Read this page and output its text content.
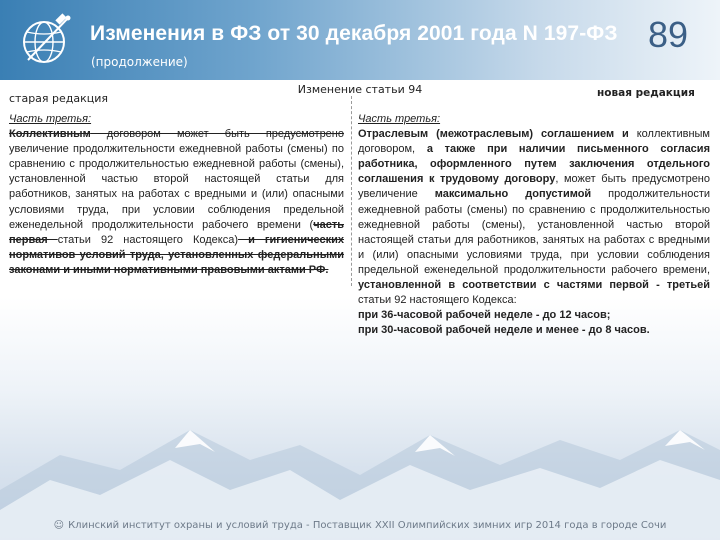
Изменения в ФЗ от 30 декабря 2001 года N 197-ФЗ
(продолжение)
89
Изменение статьи 94
старая редакция	новая редакция

Часть третья:

Коллективным договором может быть предусмотрено увеличение продолжительности ежедневной работы (смены) по сравнению с продолжительностью ежедневной работы (смены), установленной частью второй настоящей статьи для работников, занятых на работах с вредными и (или) опасными условиями труда, при условии соблюдения предельной еженедельной продолжительности рабочего времени (часть первая статьи 92 настоящего Кодекса) и гигиенических нормативов условий труда, установленных федеральными законами и иными нормативными правовыми актами РФ.

Часть третья:

Отраслевым (межотраслевым) соглашением и коллективным договором, а также при наличии письменного согласия работника, оформленного путем заключения отдельного соглашения к трудовому договору, может быть предусмотрено увеличение максимально допустимой продолжительности ежедневной работы (смены) по сравнению с продолжительностью ежедневной работы (смены), установленной частью второй настоящей статьи для работников, занятых на работах с вредными и (или) опасными условиями труда, при условии соблюдения предельной еженедельной продолжительности рабочего времени, установленной в соответствии с частями первой - третьей статьи 92 настоящего Кодекса:

при 36-часовой рабочей неделе - до 12 часов;

при 30-часовой рабочей неделе и менее - до 8 часов.

☺ Клинский институт охраны и условий труда - Поставщик XXII Олимпийских зимних игр 2014 года в городе Сочи
